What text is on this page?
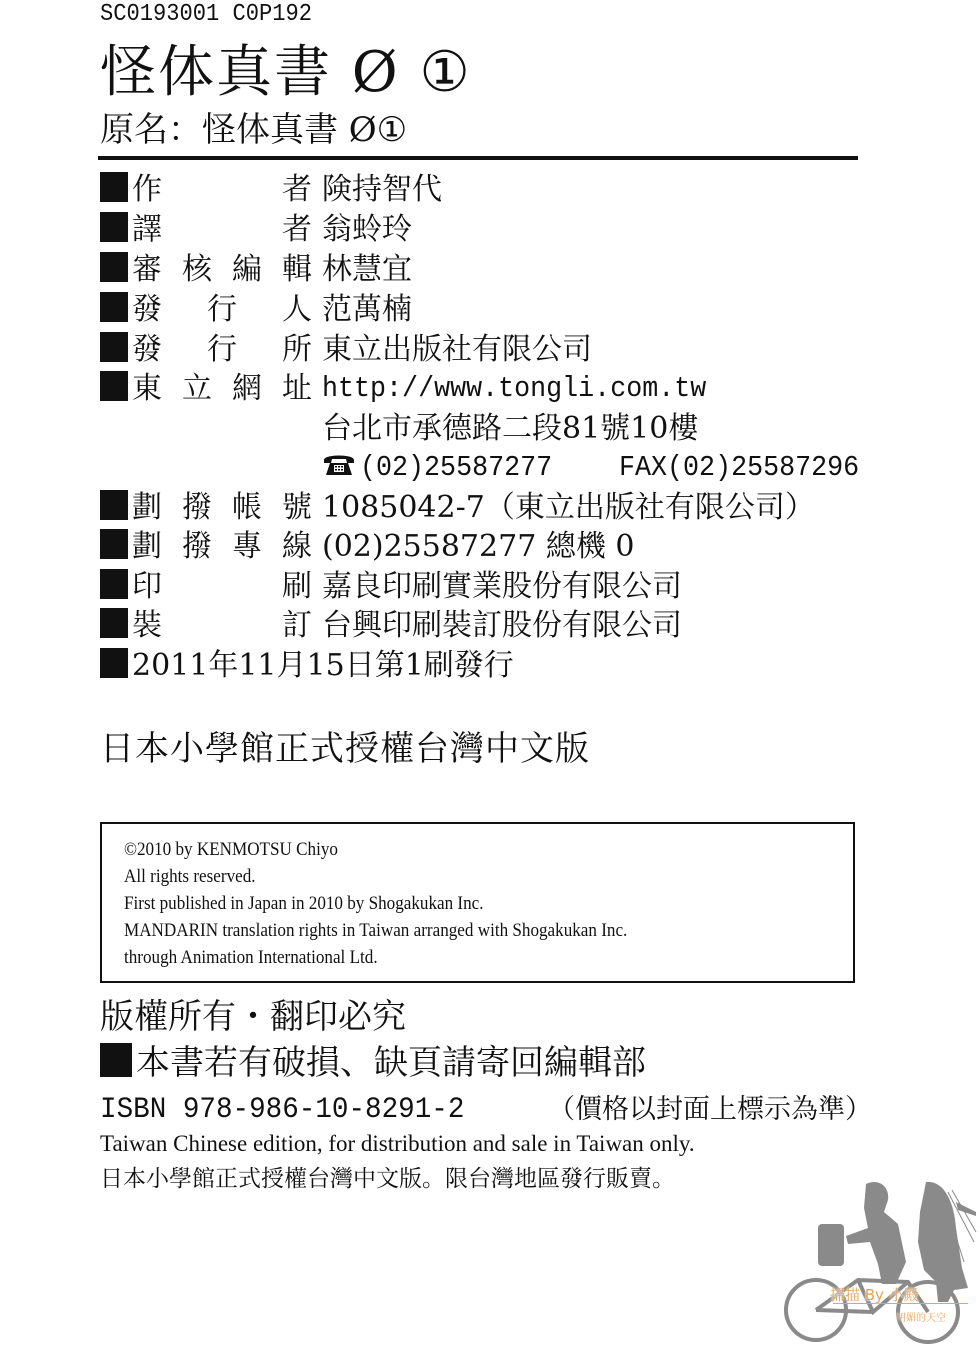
SC0193001 C0P192
怪体真書 Ø ①
原名：怪体真書 Ø①
作　　者 険持智代
譯　　者 翁蛉玲
審核編輯 林慧宜
發 行 人 范萬楠
發 行 所 東立出版社有限公司
東立網址 http://www.tongli.com.tw
台北市承德路二段81號10樓
(02)25587277 FAX(02)25587296
劃撥帳號 1085042-7（東立出版社有限公司）
劃撥專線 (02)25587277 總機 0
印　　刷 嘉良印刷實業股份有限公司
裝　　訂 台興印刷裝訂股份有限公司
2011年11月15日第1刷發行
日本小學館正式授權台灣中文版
©2010 by KENMOTSU Chiyo
All rights reserved.
First published in Japan in 2010 by Shogakukan Inc.
MANDARIN translation rights in Taiwan arranged with Shogakukan Inc.
through Animation International Ltd.
版權所有・翻印必究
本書若有破損、缺頁請寄回編輯部
ISBN 978-986-10-8291-2	（價格以封面上標示為準）
Taiwan Chinese edition, for distribution and sale in Taiwan only.
日本小學館正式授權台灣中文版。限台灣地區發行販賣。
掃描 By 小殿
明媚的天空
